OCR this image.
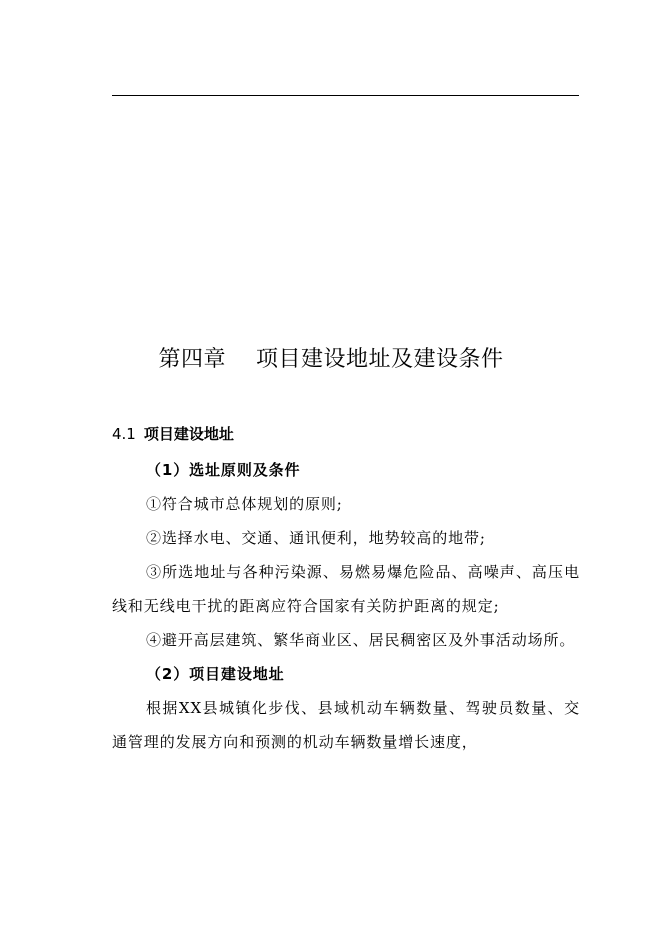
第四章 项目建设地址及建设条件
4.1 项目建设地址

（1）选址原则及条件

①符合城市总体规划的原则;

②选择水电、交通、通讯便利，地势较高的地带;

③所选地址与各种污染源、易燃易爆危险品、高噪声、高压电线和无线电干扰的距离应符合国家有关防护距离的规定;

④避开高层建筑、繁华商业区、居民稠密区及外事活动场所。

（2）项目建设地址

根据XX县城镇化步伐、县域机动车辆数量、驾驶员数量、交通管理的发展方向和预测的机动车辆数量增长速度，
